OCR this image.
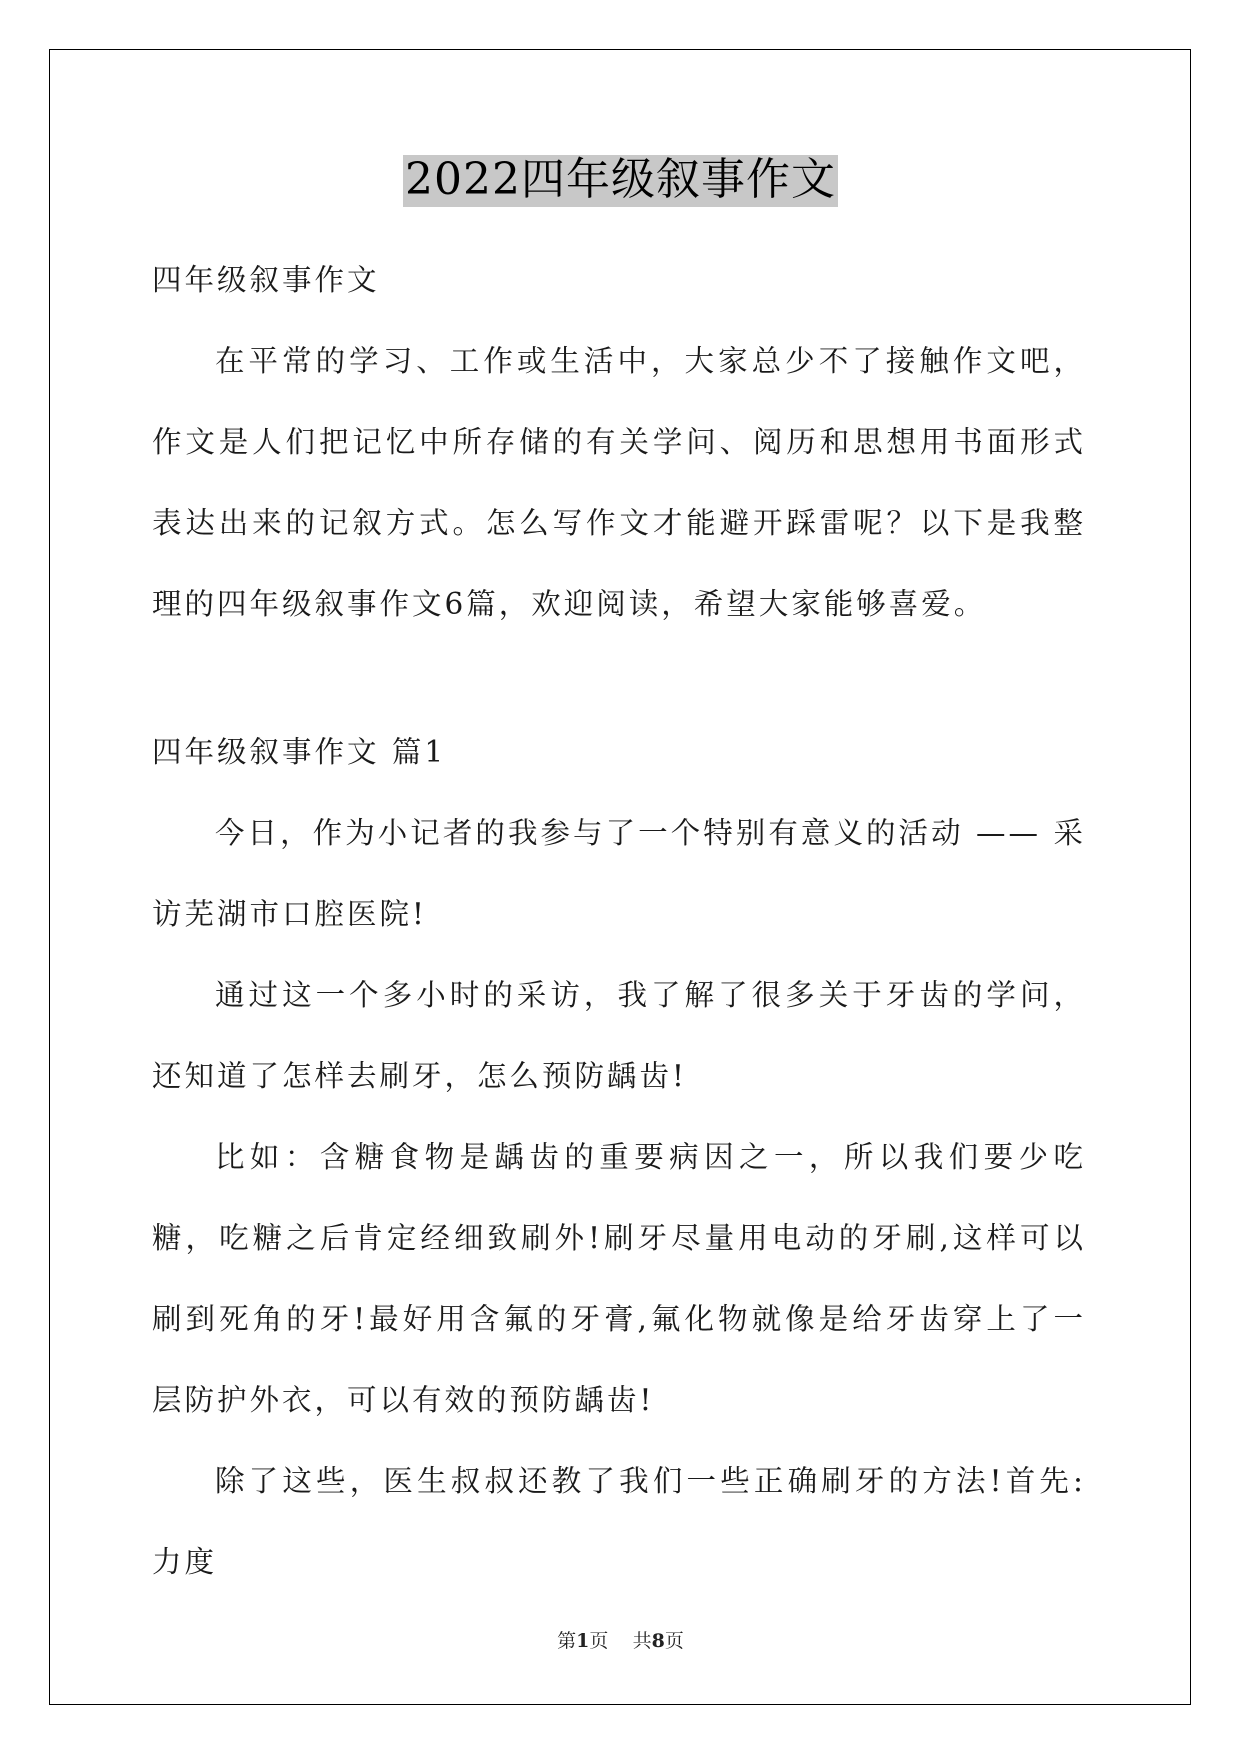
2022四年级叙事作文

四年级叙事作文

在平常的学习、工作或生活中，大家总少不了接触作文吧，作文是人们把记忆中所存储的有关学问、阅历和思想用书面形式表达出来的记叙方式。怎么写作文才能避开踩雷呢？以下是我整理的四年级叙事作文6篇，欢迎阅读，希望大家能够喜爱。

四年级叙事作文 篇1

今日，作为小记者的我参与了一个特别有意义的活动 —— 采访芜湖市口腔医院!

通过这一个多小时的采访，我了解了很多关于牙齿的学问，还知道了怎样去刷牙，怎么预防龋齿!

比如：含糖食物是龋齿的重要病因之一，所以我们要少吃糖，吃糖之后肯定经细致刷外!刷牙尽量用电动的牙刷,这样可以刷到死角的牙!最好用含氟的牙膏,氟化物就像是给牙齿穿上了一层防护外衣，可以有效的预防龋齿!

除了这些，医生叔叔还教了我们一些正确刷牙的方法!首先:力度

第1页    共8页
